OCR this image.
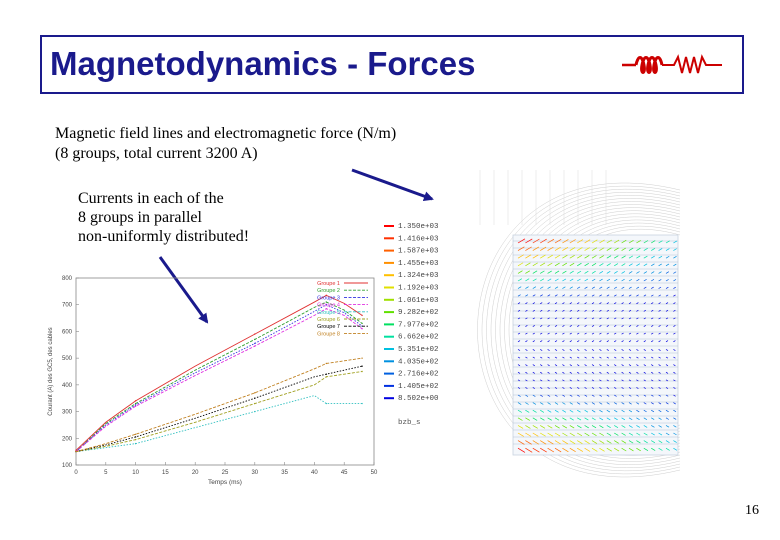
Magnetodynamics - Forces
Magnetic field lines and electromagnetic force (N/m)
(8 groups, total current 3200 A)
Currents in each of the
8 groups in parallel
non-uniformly distributed!
0	5	10	15	20	25	30	35	40	45	50
100
200
300
400
500
600
700
800
Temps (ms)
Courant (A) des GC5, des cables
Groupe 1
Groupe 2
Groupe 3
Groupe 4
Groupe 5
Groupe 6
Groupe 7
Groupe 8
1.350e+03
1.416e+03
1.587e+03
1.455e+03
1.324e+03
1.192e+03
1.061e+03
9.282e+02
7.977e+02
6.662e+02
5.351e+02
4.035e+02
2.716e+02
1.405e+02
8.502e+00
bzb_s
16
